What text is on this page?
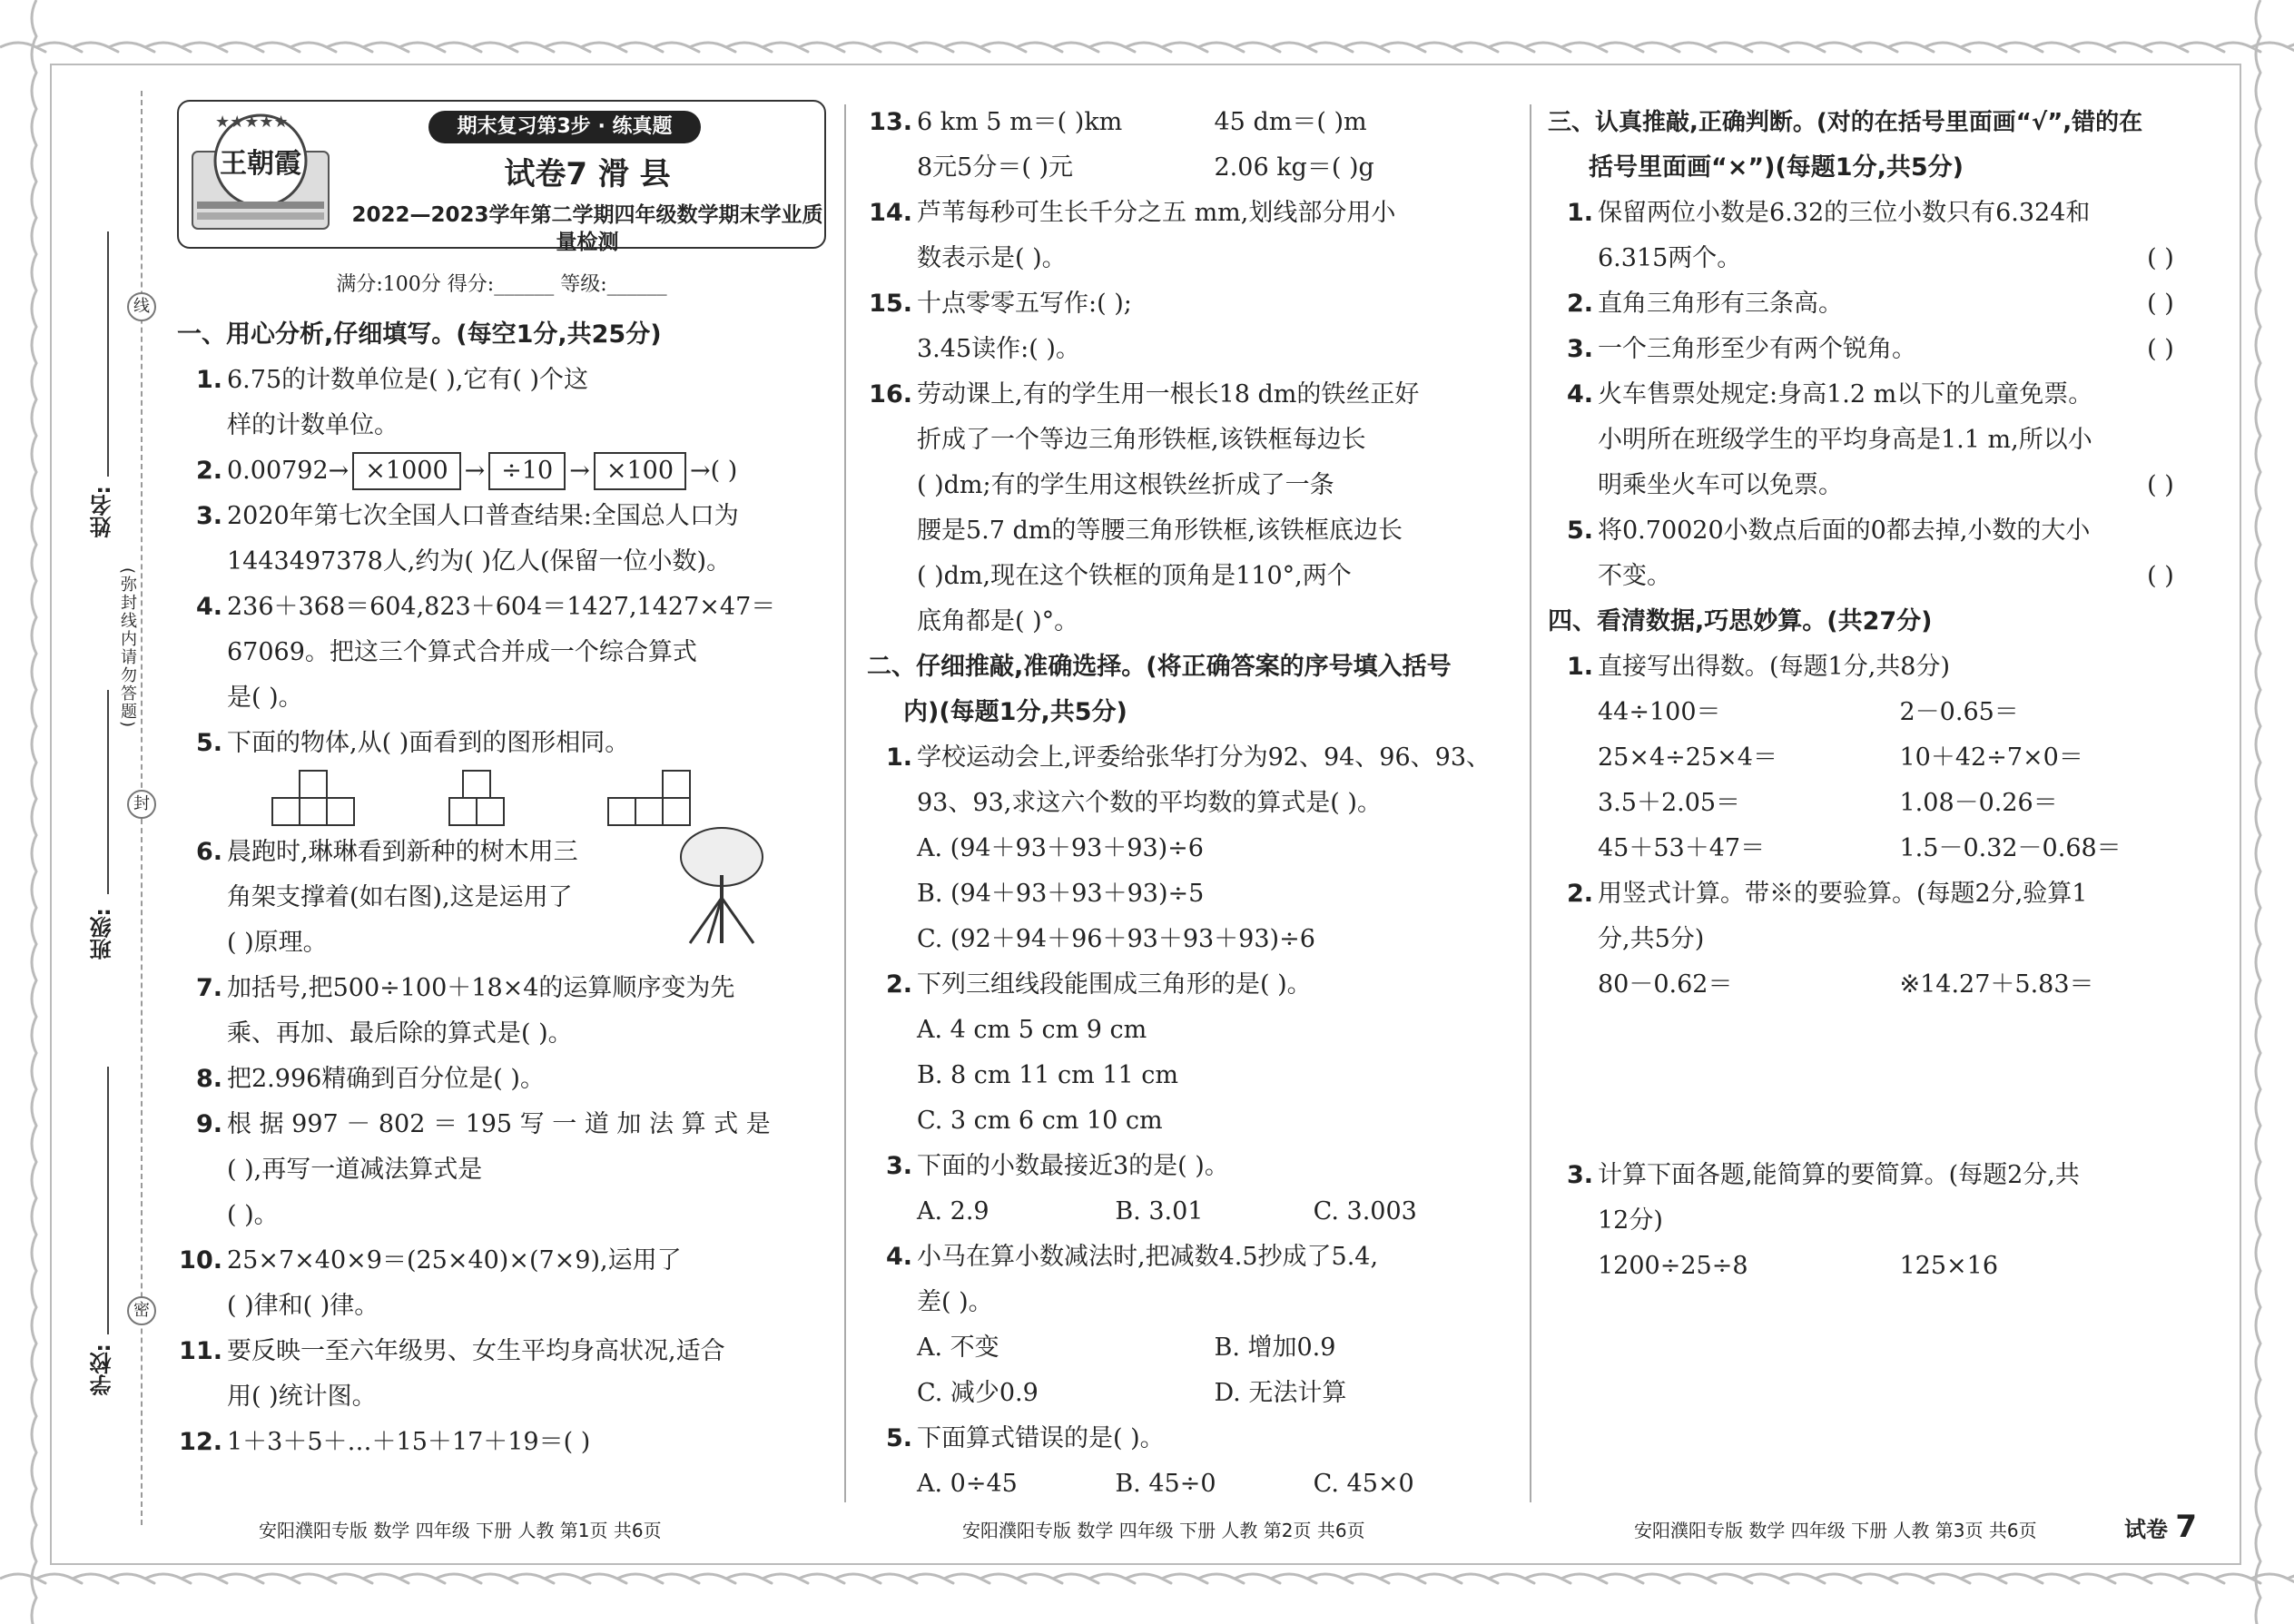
线
封
密
(弥封线内请勿答题)
姓名:
班级:
学校:
★★★★★
王朝霞
期末复习第3步 · 练真题
试卷7 滑 县
2022—2023学年第二学期四年级数学期末学业质量检测
满分:100分 得分:______ 等级:______
一、用心分析,仔细填写。(每空1分,共25分)
1. 6.75的计数单位是( ),它有( )个这
样的计数单位。
2. 0.00792→ ×1000 → ÷10 → ×100 →( )
3. 2020年第七次全国人口普查结果:全国总人口为
1443497378人,约为( )亿人(保留一位小数)。
4. 236＋368＝604,823＋604＝1427,1427×47＝
67069。把这三个算式合并成一个综合算式
是( )。
5. 下面的物体,从( )面看到的图形相同。
6. 晨跑时,琳琳看到新种的树木用三
角架支撑着(如右图),这是运用了
( )原理。
7. 加括号,把500÷100＋18×4的运算顺序变为先
乘、再加、最后除的算式是( )。
8. 把2.996精确到百分位是( )。
9. 根 据 997 － 802 ＝ 195 写 一 道 加 法 算 式 是
( ),再写一道减法算式是
( )。
10. 25×7×40×9＝(25×40)×(7×9),运用了
( )律和( )律。
11. 要反映一至六年级男、女生平均身高状况,适合
用( )统计图。
12. 1＋3＋5＋…＋15＋17＋19＝( )
13. 6 km 5 m＝( )km	45 dm＝( )m
8元5分＝( )元	2.06 kg＝( )g
14. 芦苇每秒可生长千分之五 mm,划线部分用小
数表示是( )。
15. 十点零零五写作:( );
3.45读作:( )。
16. 劳动课上,有的学生用一根长18 dm的铁丝正好
折成了一个等边三角形铁框,该铁框每边长
( )dm;有的学生用这根铁丝折成了一条
腰是5.7 dm的等腰三角形铁框,该铁框底边长
( )dm,现在这个铁框的顶角是110°,两个
底角都是( )°。
二、仔细推敲,准确选择。(将正确答案的序号填入括号
内)(每题1分,共5分)
1. 学校运动会上,评委给张华打分为92、94、96、93、
93、93,求这六个数的平均数的算式是( )。
A. (94＋93＋93＋93)÷6
B. (94＋93＋93＋93)÷5
C. (92＋94＋96＋93＋93＋93)÷6
2. 下列三组线段能围成三角形的是( )。
A. 4 cm 5 cm 9 cm
B. 8 cm 11 cm 11 cm
C. 3 cm 6 cm 10 cm
3. 下面的小数最接近3的是( )。
A. 2.9	B. 3.01	C. 3.003
4. 小马在算小数减法时,把减数4.5抄成了5.4,
差( )。
A. 不变	B. 增加0.9
C. 减少0.9	D. 无法计算
5. 下面算式错误的是( )。
A. 0÷45	B. 45÷0	C. 45×0
三、认真推敲,正确判断。(对的在括号里面画“√”,错的在
括号里面画“×”)(每题1分,共5分)
1. 保留两位小数是6.32的三位小数只有6.324和
6.315两个。	( )
2. 直角三角形有三条高。	( )
3. 一个三角形至少有两个锐角。	( )
4. 火车售票处规定:身高1.2 m以下的儿童免票。
小明所在班级学生的平均身高是1.1 m,所以小
明乘坐火车可以免票。	( )
5. 将0.70020小数点后面的0都去掉,小数的大小
不变。	( )
四、看清数据,巧思妙算。(共27分)
1. 直接写出得数。(每题1分,共8分)
44÷100＝	2－0.65＝
25×4÷25×4＝	10＋42÷7×0＝
3.5＋2.05＝	1.08－0.26＝
45＋53＋47＝	1.5－0.32－0.68＝
2. 用竖式计算。带※的要验算。(每题2分,验算1
分,共5分)
80－0.62＝	※14.27＋5.83＝
3. 计算下面各题,能简算的要简算。(每题2分,共
12分)
1200÷25÷8	125×16
安阳濮阳专版 数学 四年级 下册 人教 第1页 共6页	安阳濮阳专版 数学 四年级 下册 人教 第2页 共6页	安阳濮阳专版 数学 四年级 下册 人教 第3页 共6页	试卷 7
